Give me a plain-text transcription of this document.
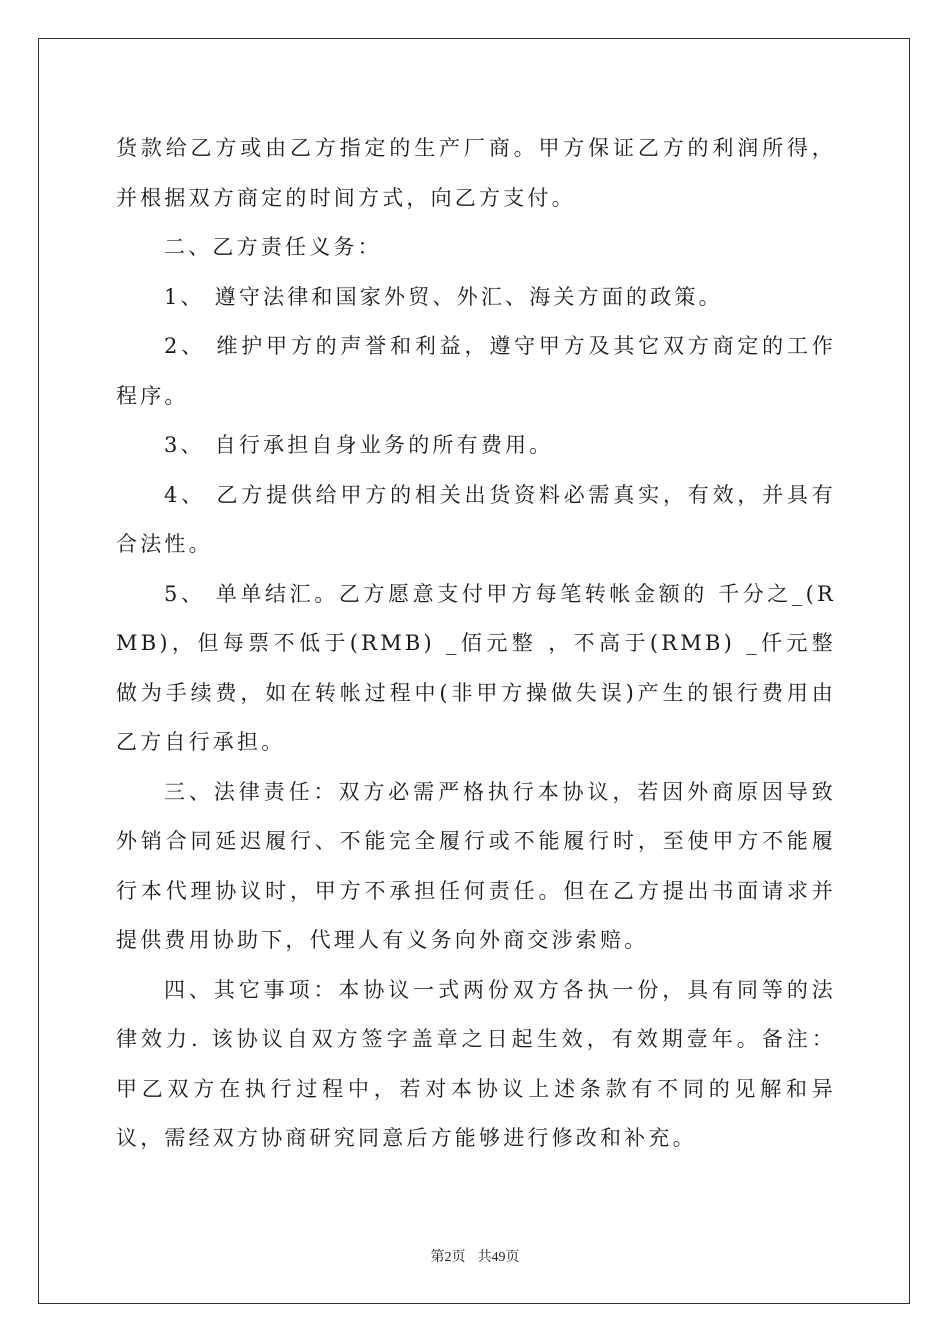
货款给乙方或由乙方指定的生产厂商。甲方保证乙方的利润所得，并根据双方商定的时间方式，向乙方支付。

二、乙方责任义务：

1、 遵守法律和国家外贸、外汇、海关方面的政策。

2、 维护甲方的声誉和利益，遵守甲方及其它双方商定的工作程序。

3、 自行承担自身业务的所有费用。

4、 乙方提供给甲方的相关出货资料必需真实，有效，并具有合法性。

5、 单单结汇。乙方愿意支付甲方每笔转帐金额的 千分之_(RMB)，但每票不低于(RMB) _佰元整 ，不高于(RMB) _仟元整 做为手续费，如在转帐过程中(非甲方操做失误)产生的银行费用由乙方自行承担。

三、法律责任：双方必需严格执行本协议，若因外商原因导致外销合同延迟履行、不能完全履行或不能履行时，至使甲方不能履行本代理协议时，甲方不承担任何责任。但在乙方提出书面请求并提供费用协助下，代理人有义务向外商交涉索赔。

四、其它事项：本协议一式两份双方各执一份，具有同等的法律效力. 该协议自双方签字盖章之日起生效，有效期壹年。备注：甲乙双方在执行过程中，若对本协议上述条款有不同的见解和异议，需经双方协商研究同意后方能够进行修改和补充。

第2页 共49页
